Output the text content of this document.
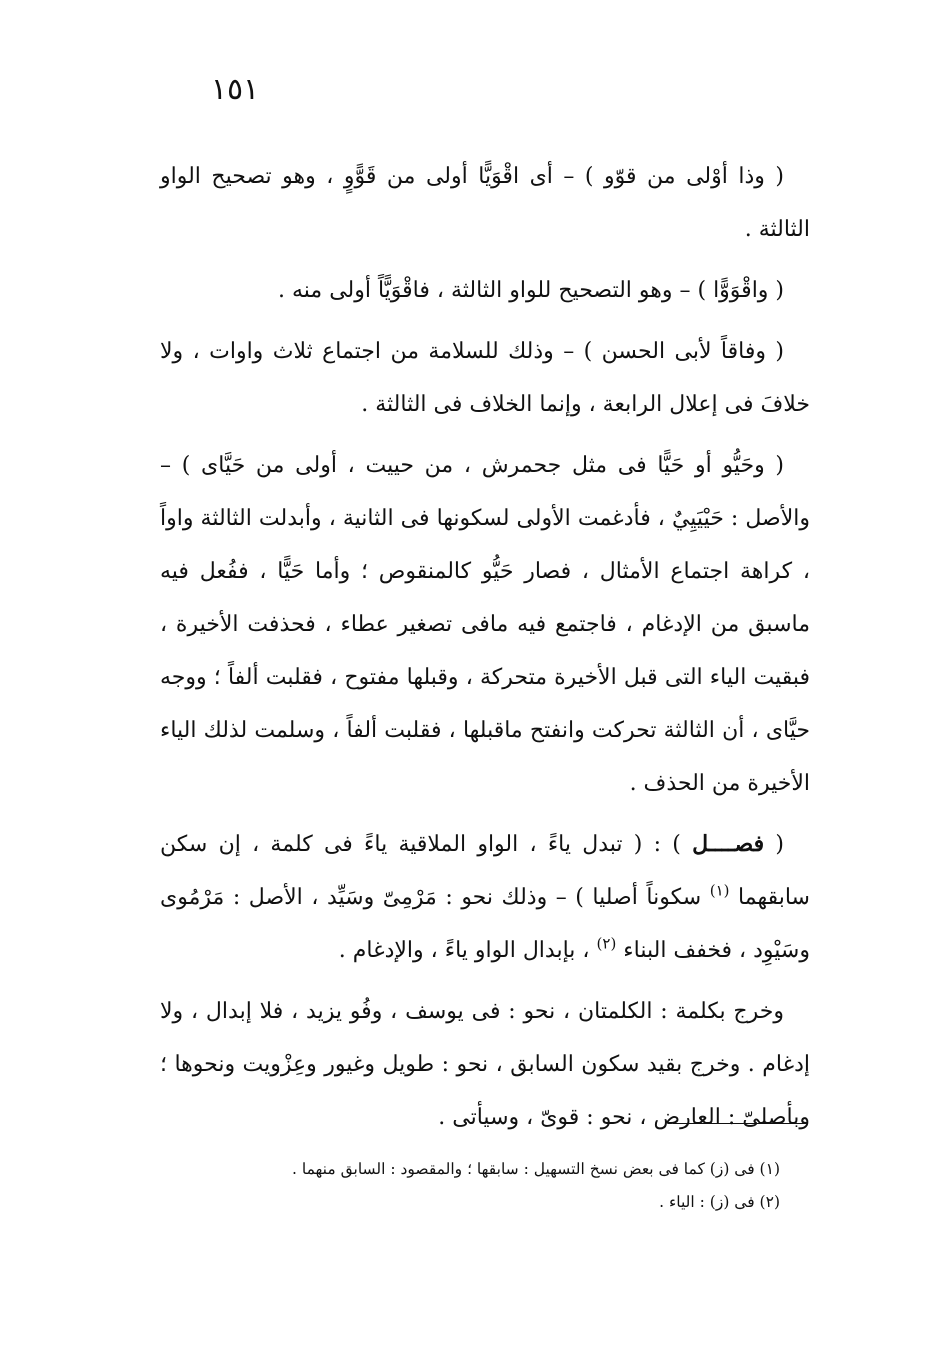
١٥١

( وذا أوْلى من قوّو ) – أى اقْوَيًّا أولى من قَوًّوٍ ، وهو تصحيح الواو الثالثة .

( واقْوَوًّا ) – وهو التصحيح للواو الثالثة ، فاقْوَيًّاً أولى منه .

( وفاقاً لأبى الحسن ) – وذلك للسلامة من اجتماع ثلاث واوات ، ولا خلافَ فى إعلال الرابعة ، وإنما الخلاف فى الثالثة .

( وحَيُّو أو حَيًّا فى مثل جحمرش ، من حييت ، أولى من حَيَّاى ) – والأصل : حَيْيَيِيٌ ، فأدغمت الأولى لسكونها فى الثانية ، وأبدلت الثالثة واواً ، كراهة اجتماع الأمثال ، فصار حَيُّو كالمنقوص ؛ وأما حَيًّا ، ففُعل فيه ماسبق من الإدغام ، فاجتمع فيه مافى تصغير عطاء ، فحذفت الأخيرة ، فبقيت الياء التى قبل الأخيرة متحركة ، وقبلها مفتوح ، فقلبت ألفاً ؛ ووجه حيَّاى ، أن الثالثة تحركت وانفتح ماقبلها ، فقلبت ألفاً ، وسلمت لذلك الياء الأخيرة من الحذف .

( فصــــل ) : ( تبدل ياءً ، الواو الملاقية ياءً فى كلمة ، إن سكن سابقهما $^{(١)}$ سكوناً أصليا ) – وذلك نحو : مَرْمِىّ وسَيِّد ، الأصل : مَرْمُوى وسَيْوِد ، فخفف البناء $^{(٢)}$ ، بإبدال الواو ياءً ، والإدغام .

وخرج بكلمة : الكلمتان ، نحو : فى يوسف ، وفُو يزيد ، فلا إبدال ، ولا إدغام . وخرج بقيد سكون السابق ، نحو : طويل وغيور وعِزْويت ونحوها ؛ وبأصلىّ : العارض ، نحو : قوىّ ، وسيأتى .

(١) فى (ز) كما فى بعض نسخ التسهيل : سابقها ؛ والمقصود : السابق منهما .

(٢) فى (ز) : الياء .
